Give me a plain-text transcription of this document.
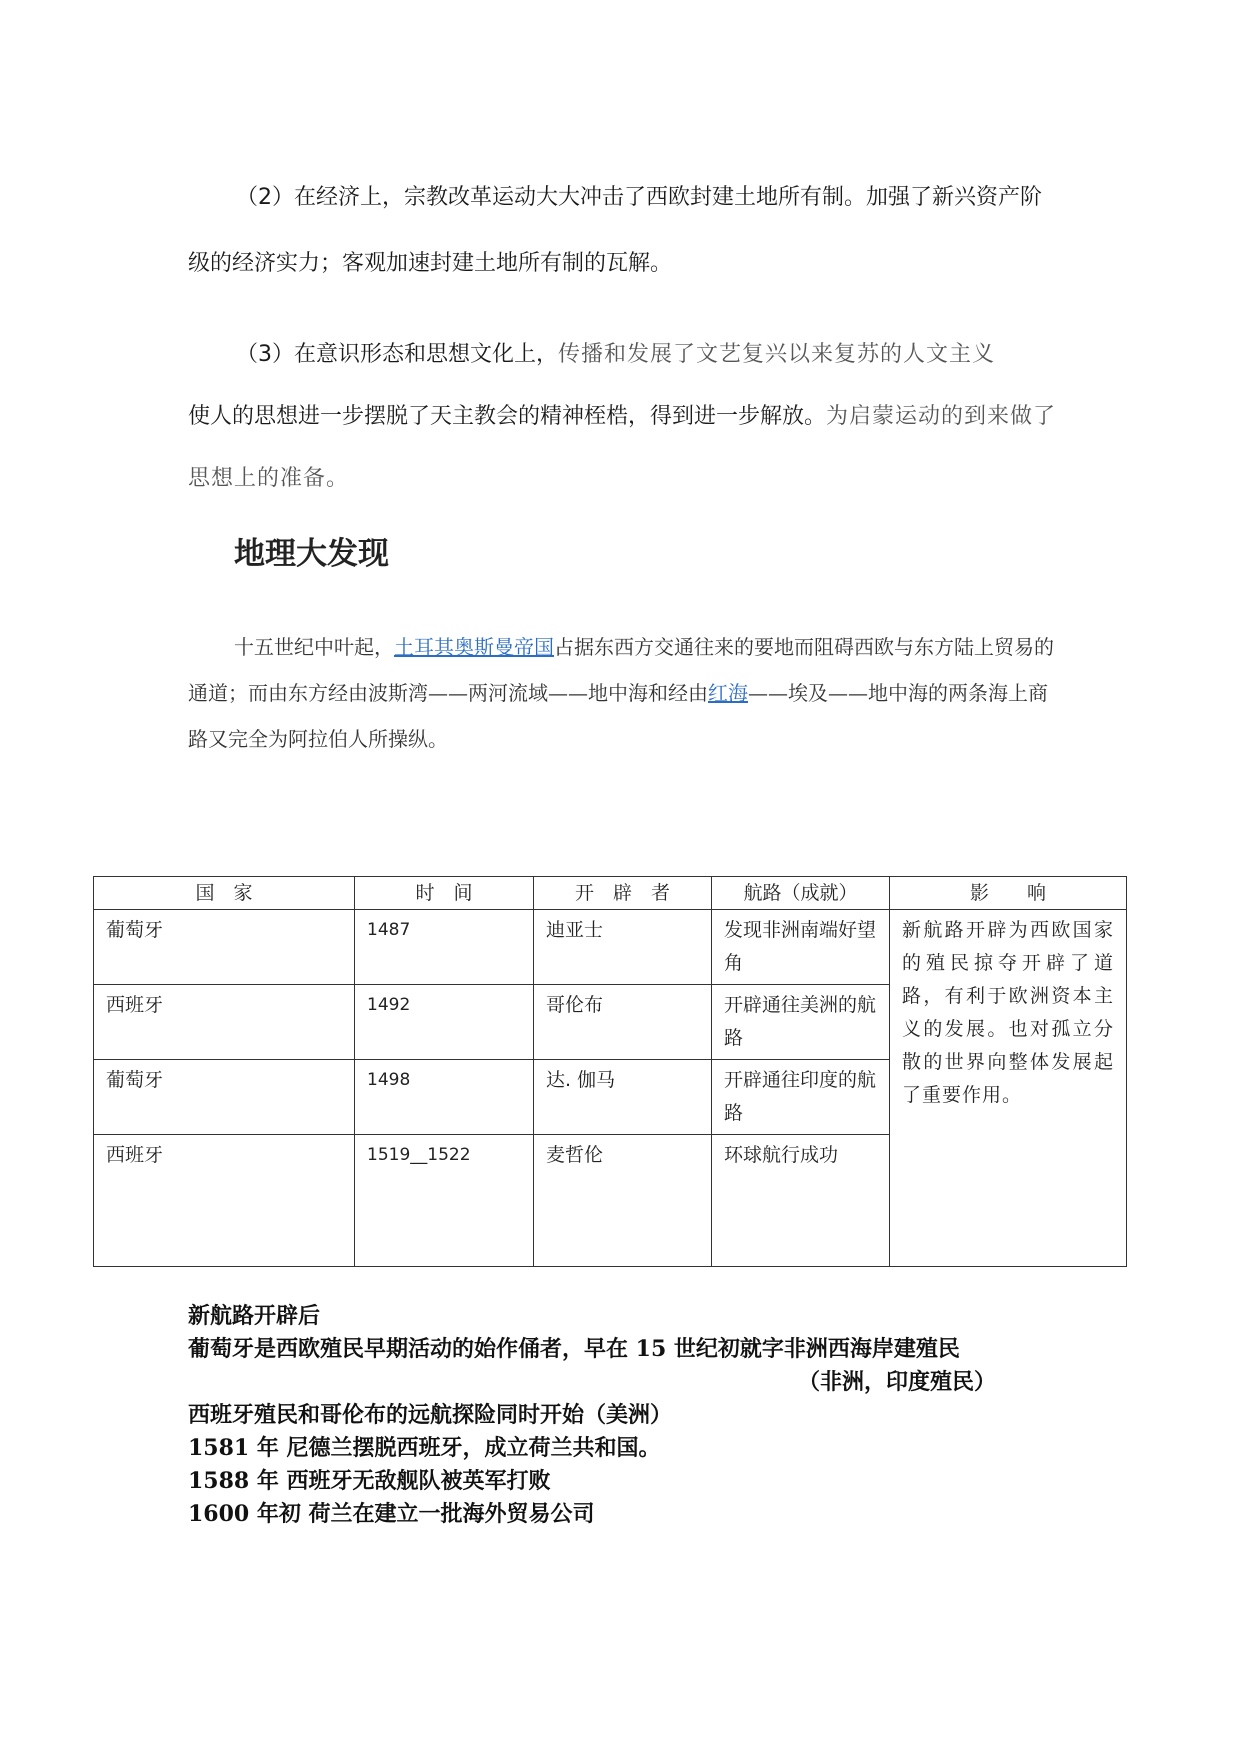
（2）在经济上，宗教改革运动大大冲击了西欧封建土地所有制。加强了新兴资产阶级的经济实力；客观加速封建土地所有制的瓦解。

（3）在意识形态和思想文化上，传播和发展了文艺复兴以来复苏的人文主义
使人的思想进一步摆脱了天主教会的精神桎梏，得到进一步解放。为启蒙运动的到来做了思想上的准备。

地理大发现

十五世纪中叶起，土耳其奥斯曼帝国占据东西方交通往来的要地而阻碍西欧与东方陆上贸易的通道；而由东方经由波斯湾——两河流域——地中海和经由红海——埃及——地中海的两条海上商路又完全为阿拉伯人所操纵。

国　家	时　间	开　辟　者	航路（成就）	影　　响
葡萄牙	1487	迪亚士	发现非洲南端好望角	新航路开辟为西欧国家的殖民掠夺开辟了道路，有利于欧洲资本主义的发展。也对孤立分散的世界向整体发展起了重要作用。
西班牙	1492	哥伦布	开辟通往美洲的航路	
葡萄牙	1498	达. 伽马	开辟通往印度的航路	
西班牙	1519__1522	麦哲伦	环球航行成功	
新航路开辟后
葡萄牙是西欧殖民早期活动的始作俑者，早在 15 世纪初就字非洲西海岸建殖民
（非洲，印度殖民）
西班牙殖民和哥伦布的远航探险同时开始（美洲）
1581 年 尼德兰摆脱西班牙，成立荷兰共和国。
1588 年 西班牙无敌舰队被英军打败
1600 年初 荷兰在建立一批海外贸易公司
